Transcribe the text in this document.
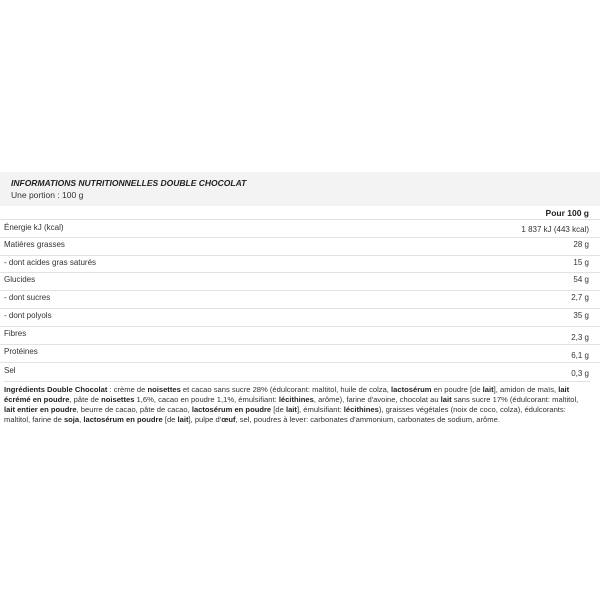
INFORMATIONS NUTRITIONNELLES DOUBLE CHOCOLAT
Une portion : 100 g
Pour 100 g
Énergie kJ (kcal)	1 837 kJ (443 kcal)
Matières grasses	28 g
- dont acides gras saturés	15 g
Glucides	54 g
- dont sucres	2,7 g
- dont polyols	35 g
Fibres	2,3 g
Protéines	6,1 g
Sel	0,3 g
Ingrédients Double Chocolat : crème de noisettes et cacao sans sucre 28% (édulcorant: maltitol, huile de colza, lactosérum en poudre [de lait], amidon de maïs, lait écrémé en poudre, pâte de noisettes 1,6%, cacao en poudre 1,1%, émulsifiant: lécithines, arôme), farine d'avoine, chocolat au lait sans sucre 17% (édulcorant: maltitol, lait entier en poudre, beurre de cacao, pâte de cacao, lactosérum en poudre [de lait], émulsifiant: lécithines), graisses végétales (noix de coco, colza), édulcorants: maltitol, farine de soja, lactosérum en poudre [de lait], pulpe d'œuf, sel, poudres à lever: carbonates d'ammonium, carbonates de sodium, arôme.
